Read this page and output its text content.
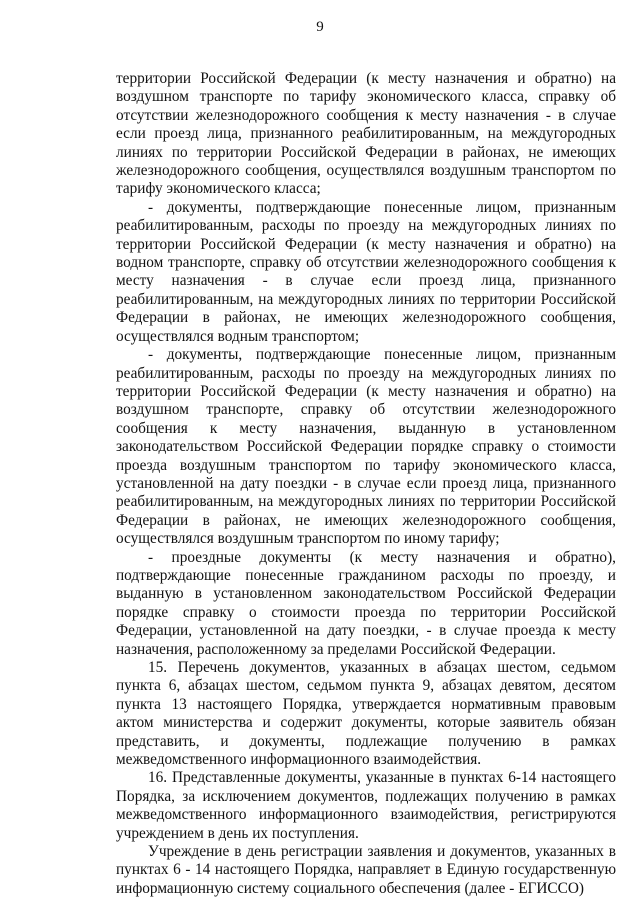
9

территории Российской Федерации (к месту назначения и обратно) на воздушном транспорте по тарифу экономического класса, справку об отсутствии железнодорожного сообщения к месту назначения - в случае если проезд лица, признанного реабилитированным, на междугородных линиях по территории Российской Федерации в районах, не имеющих железнодорожного сообщения, осуществлялся воздушным транспортом по тарифу экономического класса;

- документы, подтверждающие понесенные лицом, признанным реабилитированным, расходы по проезду на междугородных линиях по территории Российской Федерации (к месту назначения и обратно) на водном транспорте, справку об отсутствии железнодорожного сообщения к месту назначения - в случае если проезд лица, признанного реабилитированным, на междугородных линиях по территории Российской Федерации в районах, не имеющих железнодорожного сообщения, осуществлялся водным транспортом;

- документы, подтверждающие понесенные лицом, признанным реабилитированным, расходы по проезду на междугородных линиях по территории Российской Федерации (к месту назначения и обратно) на воздушном транспорте, справку об отсутствии железнодорожного сообщения к месту назначения, выданную в установленном законодательством Российской Федерации порядке справку о стоимости проезда воздушным транспортом по тарифу экономического класса, установленной на дату поездки - в случае если проезд лица, признанного реабилитированным, на междугородных линиях по территории Российской Федерации в районах, не имеющих железнодорожного сообщения, осуществлялся воздушным транспортом по иному тарифу;

- проездные документы (к месту назначения и обратно), подтверждающие понесенные гражданином расходы по проезду, и выданную в установленном законодательством Российской Федерации порядке справку о стоимости проезда по территории Российской Федерации, установленной на дату поездки, - в случае проезда к месту назначения, расположенному за пределами Российской Федерации.

15. Перечень документов, указанных в абзацах шестом, седьмом пункта 6, абзацах шестом, седьмом пункта 9, абзацах девятом, десятом пункта 13 настоящего Порядка, утверждается нормативным правовым актом министерства и содержит документы, которые заявитель обязан представить, и документы, подлежащие получению в рамках межведомственного информационного взаимодействия.

16. Представленные документы, указанные в пунктах 6-14 настоящего Порядка, за исключением документов, подлежащих получению в рамках межведомственного информационного взаимодействия, регистрируются учреждением в день их поступления.

Учреждение в день регистрации заявления и документов, указанных в пунктах 6 - 14 настоящего Порядка, направляет в Единую государственную информационную систему социального обеспечения (далее - ЕГИССО)
